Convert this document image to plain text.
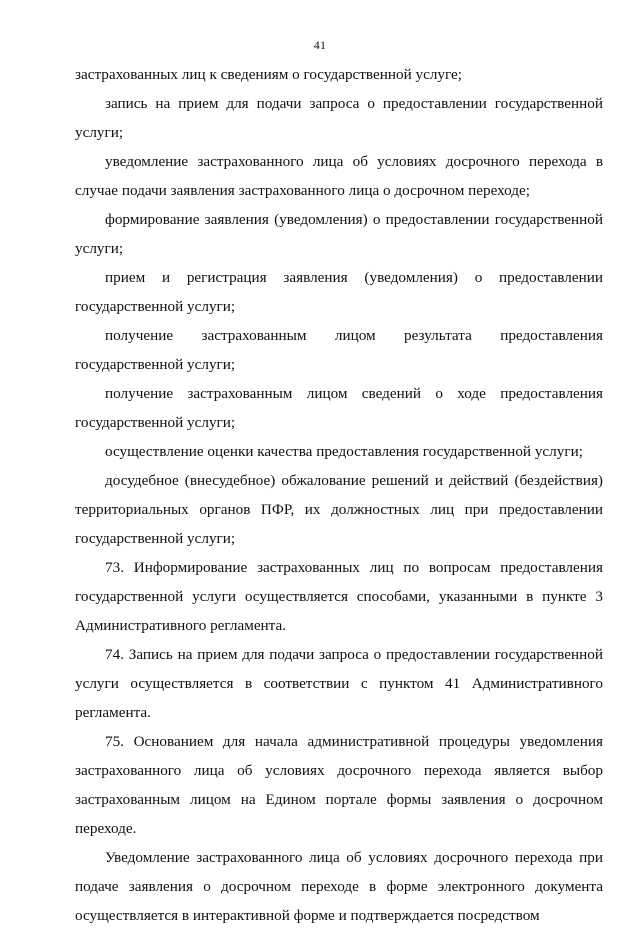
41

застрахованных лиц к сведениям о государственной услуге;

запись на прием для подачи запроса о предоставлении государственной услуги;

уведомление застрахованного лица об условиях досрочного перехода в случае подачи заявления застрахованного лица о досрочном переходе;

формирование заявления (уведомления) о предоставлении государственной услуги;

прием и регистрация заявления (уведомления) о предоставлении государственной услуги;

получение застрахованным лицом результата предоставления государственной услуги;

получение застрахованным лицом сведений о ходе предоставления государственной услуги;

осуществление оценки качества предоставления государственной услуги;

досудебное (внесудебное) обжалование решений и действий (бездействия) территориальных органов ПФР, их должностных лиц при предоставлении государственной услуги;

73. Информирование застрахованных лиц по вопросам предоставления государственной услуги осуществляется способами, указанными в пункте 3 Административного регламента.

74. Запись на прием для подачи запроса о предоставлении государственной услуги осуществляется в соответствии с пунктом 41 Административного регламента.

75. Основанием для начала административной процедуры уведомления застрахованного лица об условиях досрочного перехода является выбор застрахованным лицом на Едином портале формы заявления о досрочном переходе.

Уведомление застрахованного лица об условиях досрочного перехода при подаче заявления о досрочном переходе в форме электронного документа осуществляется в интерактивной форме и подтверждается посредством
